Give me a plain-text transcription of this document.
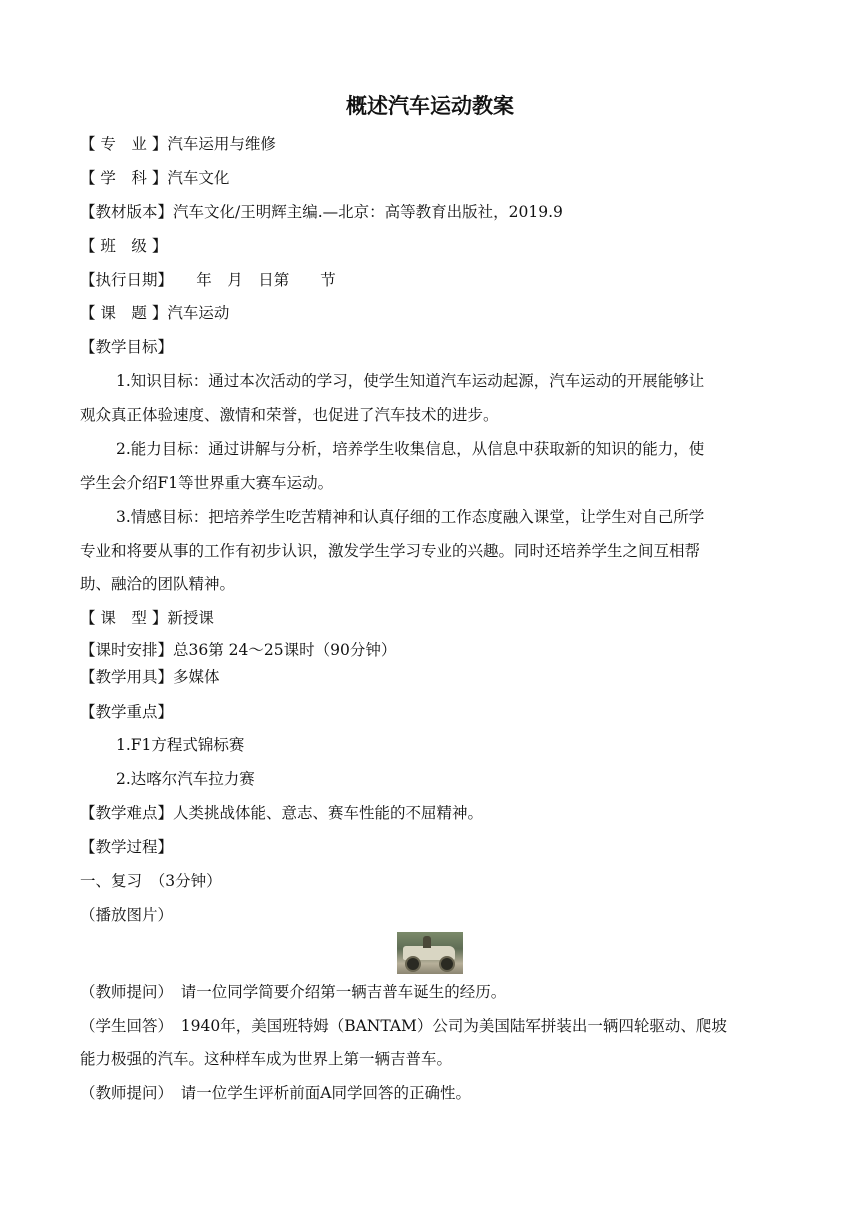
概述汽车运动教案
【 专　业 】汽车运用与维修
【 学　科 】汽车文化
【教材版本】汽车文化/王明辉主编.—北京：高等教育出版社，2019.9
【 班　级 】
【执行日期】　　年　月　日第　　节
【 课　题 】汽车运动
【教学目标】
1.知识目标：通过本次活动的学习，使学生知道汽车运动起源，汽车运动的开展能够让
观众真正体验速度、激情和荣誉，也促进了汽车技术的进步。
2.能力目标：通过讲解与分析，培养学生收集信息，从信息中获取新的知识的能力，使
学生会介绍F1等世界重大赛车运动。
3.情感目标：把培养学生吃苦精神和认真仔细的工作态度融入课堂，让学生对自己所学
专业和将要从事的工作有初步认识，激发学生学习专业的兴趣。同时还培养学生之间互相帮
助、融洽的团队精神。
【 课　型 】新授课
【课时安排】总36第 24～25课时（90分钟）
【教学用具】多媒体
【教学重点】
1.F1方程式锦标赛
2.达喀尔汽车拉力赛
【教学难点】人类挑战体能、意志、赛车性能的不屈精神。
【教学过程】
一、复习　（3分钟）
（播放图片）
（教师提问）　请一位同学简要介绍第一辆吉普车诞生的经历。
（学生回答）　1940年，美国班特姆（BANTAM）公司为美国陆军拼装出一辆四轮驱动、爬坡
能力极强的汽车。这种样车成为世界上第一辆吉普车。
（教师提问）　请一位学生评析前面A同学回答的正确性。
